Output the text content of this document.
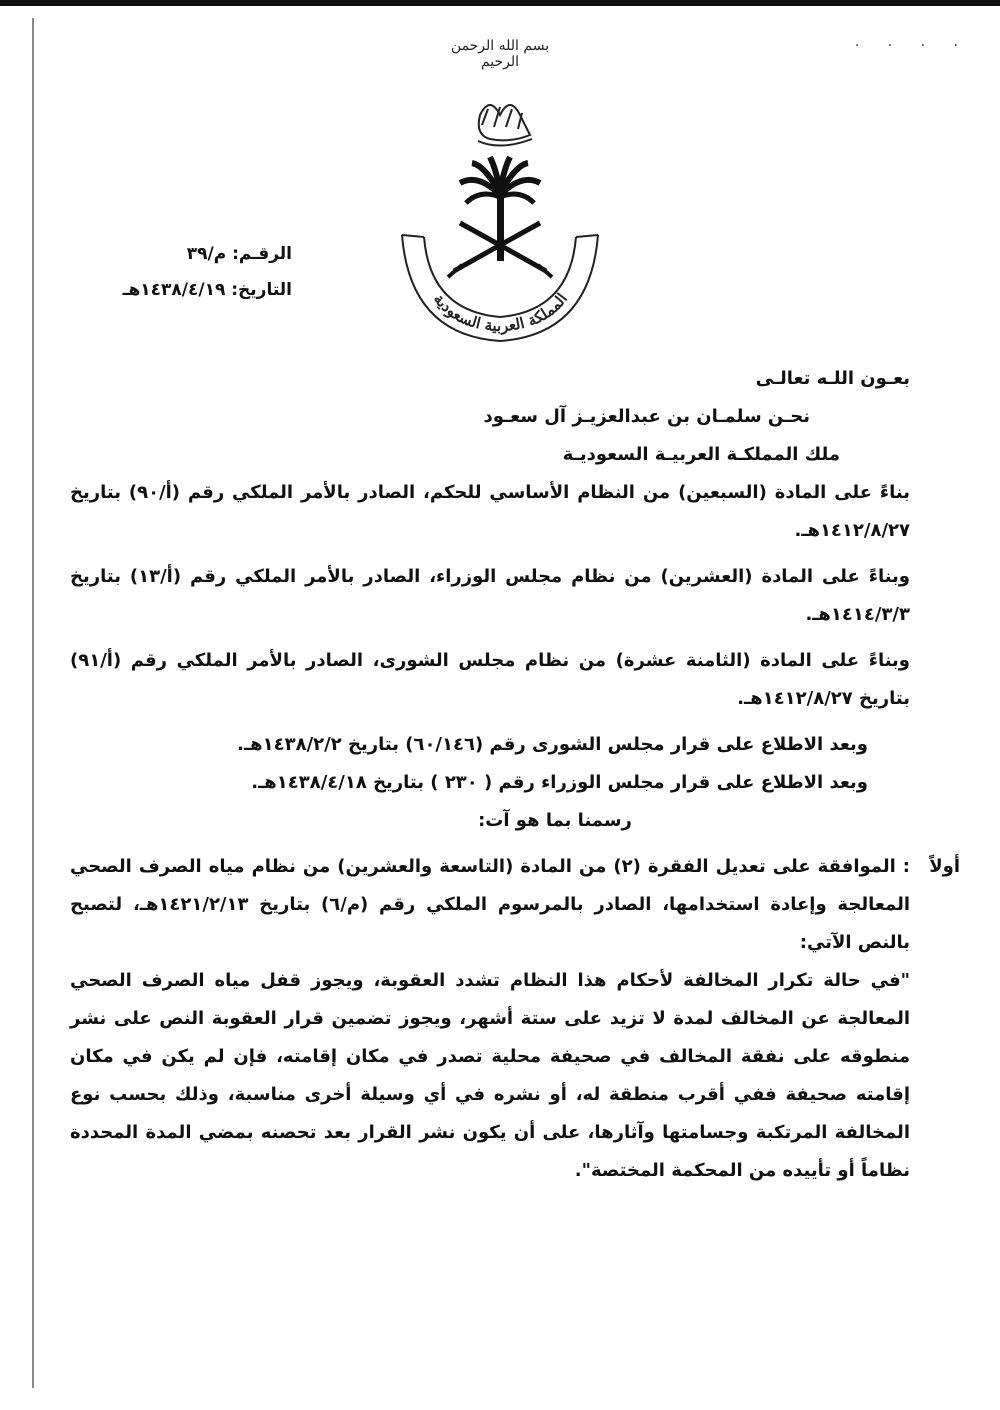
· · · ·
بسم الله الرحمن الرحيم
المملكة العربية السعودية
الرقـم: م/٣٩
التاريخ: ١٤٣٨/٤/١٩هـ
بعـون اللـه تعالـى
نحـن سلمـان بن عبدالعزيـز آل سعـود
ملك المملكـة العربيـة السعوديـة

بناءً على المادة (السبعين) من النظام الأساسي للحكم، الصادر بالأمر الملكي رقم (أ/٩٠) بتاريخ ١٤١٢/٨/٢٧هـ.

وبناءً على المادة (العشرين) من نظام مجلس الوزراء، الصادر بالأمر الملكي رقم (أ/١٣) بتاريخ ١٤١٤/٣/٣هـ.

وبناءً على المادة (الثامنة عشرة) من نظام مجلس الشورى، الصادر بالأمر الملكي رقم (أ/٩١) بتاريخ ١٤١٢/٨/٢٧هـ.

وبعد الاطلاع على قرار مجلس الشورى رقم (٦٠/١٤٦) بتاريخ ١٤٣٨/٢/٢هـ.
وبعد الاطلاع على قرار مجلس الوزراء رقم ( ٢٣٠ ) بتاريخ ١٤٣٨/٤/١٨هـ.
رسمنا بما هو آت:
أولاً
: الموافقة على تعديل الفقرة (٢) من المادة (التاسعة والعشرين) من نظام مياه الصرف الصحي المعالجة وإعادة استخدامها، الصادر بالمرسوم الملكي رقم (م/٦) بتاريخ ١٤٢١/٢/١٣هـ، لتصبح بالنص الآتي:
"في حالة تكرار المخالفة لأحكام هذا النظام تشدد العقوبة، ويجوز قفل مياه الصرف الصحي المعالجة عن المخالف لمدة لا تزيد على ستة أشهر، ويجوز تضمين قرار العقوبة النص على نشر منطوقه على نفقة المخالف في صحيفة محلية تصدر في مكان إقامته، فإن لم يكن في مكان إقامته صحيفة ففي أقرب منطقة له، أو نشره في أي وسيلة أخرى مناسبة، وذلك بحسب نوع المخالفة المرتكبة وجسامتها وآثارها، على أن يكون نشر القرار بعد تحصنه بمضي المدة المحددة نظاماً أو تأييده من المحكمة المختصة".
